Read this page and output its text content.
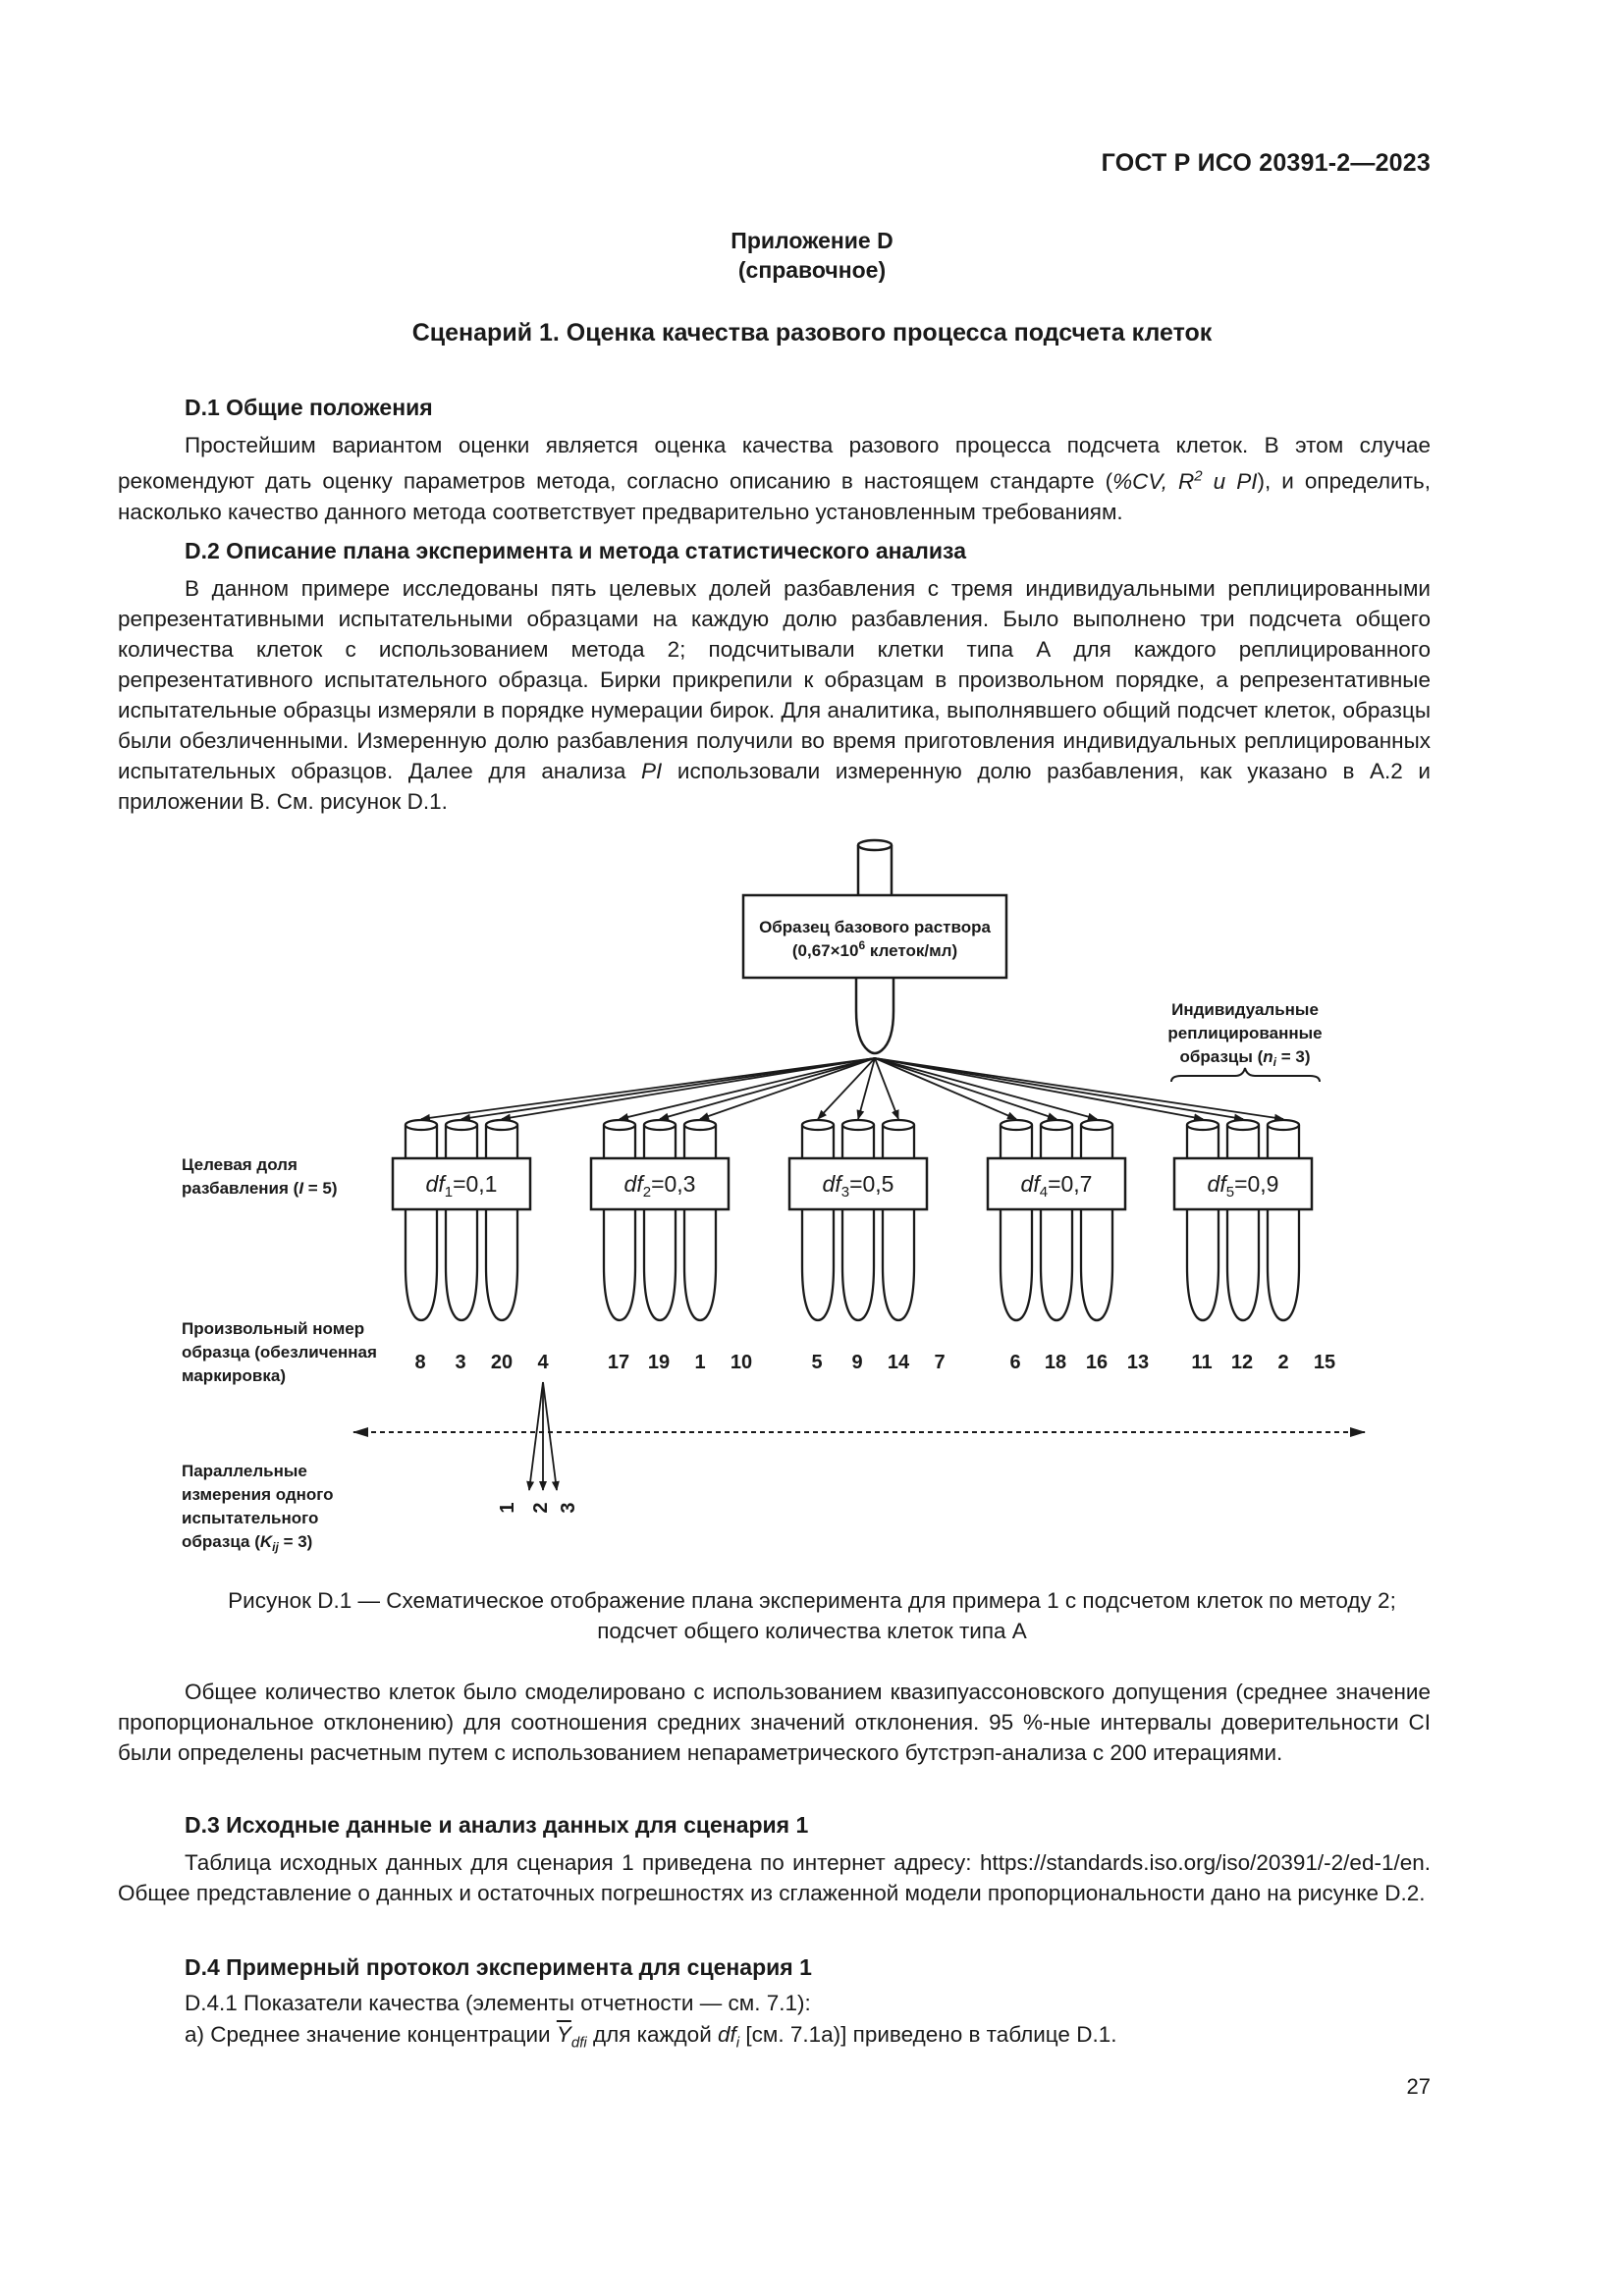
ГОСТ Р ИСО 20391-2—2023
Приложение D
(справочное)
Сценарий 1. Оценка качества разового процесса подсчета клеток
D.1 Общие положения
Простейшим вариантом оценки является оценка качества разового процесса подсчета клеток. В этом случае рекомендуют дать оценку параметров метода, согласно описанию в настоящем стандарте (%CV, $R^2$ и PI), и определить, насколько качество данного метода соответствует предварительно установленным требованиям.
D.2 Описание плана эксперимента и метода статистического анализа
В данном примере исследованы пять целевых долей разбавления с тремя индивидуальными реплицированными репрезентативными испытательными образцами на каждую долю разбавления. Было выполнено три подсчета общего количества клеток с использованием метода 2; подсчитывали клетки типа А для каждого реплицированного репрезентативного испытательного образца. Бирки прикрепили к образцам в произвольном порядке, а репрезентативные испытательные образцы измеряли в порядке нумерации бирок. Для аналитика, выполнявшего общий подсчет клеток, образцы были обезличенными. Измеренную долю разбавления получили во время приготовления индивидуальных реплицированных испытательных образцов. Далее для анализа PI использовали измеренную долю разбавления, как указано в А.2 и приложении В. См. рисунок D.1.
Образец базового раствора
($0,67\times 10^6$ клеток/мл)
Индивидуальные
реплицированные
образцы $(n_i = 3)$
Целевая доля
разбавления (I = 5)	$df_1=0,1$
8 3 20 4
$df_2=0,3$
17 19 1 10
$df_3=0,5$
5 9 14 7
$df_4=0,7$
6 18 16 13
$df_5=0,9$
11 12 2 15
Произвольный номер
образца (обезличенная
маркировка)
1 2 3
Параллельные
измерения одного
испытательного
образца $(K_{ij} = 3)$
Рисунок D.1 — Схематическое отображение плана эксперимента для примера 1 с подсчетом клеток по методу 2;
подсчет общего количества клеток типа А
Общее количество клеток было смоделировано с использованием квазипуассоновского допущения (среднее значение пропорциональное отклонению) для соотношения средних значений отклонения. 95 %-ные интервалы доверительности CI были определены расчетным путем с использованием непараметрического бутстрэп-анализа с 200 итерациями.
D.3 Исходные данные и анализ данных для сценария 1
Таблица исходных данных для сценария 1 приведена по интернет адресу: https://standards.iso.org/iso/20391/-2/ed-1/en. Общее представление о данных и остаточных погрешностях из сглаженной модели пропорциональности дано на рисунке D.2.
D.4 Примерный протокол эксперимента для сценария 1
D.4.1 Показатели качества (элементы отчетности — см. 7.1):
а) Среднее значение концентрации $\overline{Y}_{dfi}$ для каждой $df_i$ [см. 7.1а)] приведено в таблице D.1.
27
